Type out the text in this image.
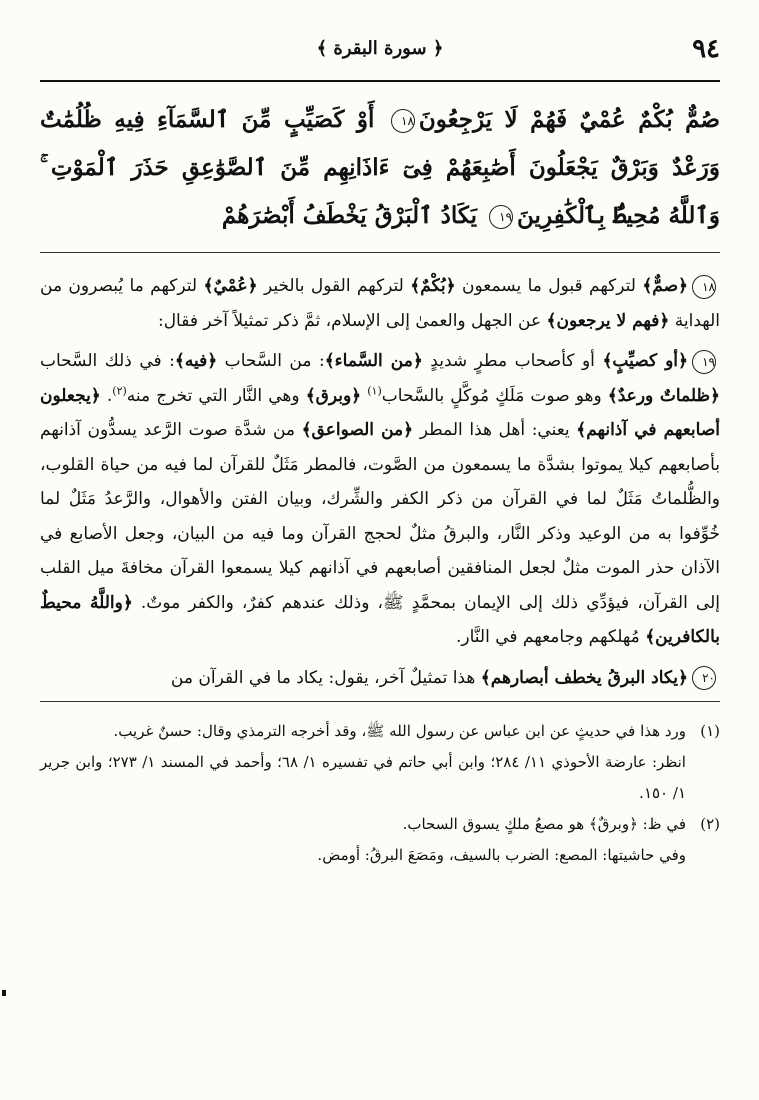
٩٤
﴿ سورة البقرة ﴾
صُمٌّ بُكْمٌ عُمْيٌ فَهُمْ لَا يَرْجِعُونَ١٨ أَوْ كَصَيِّبٍ مِّنَ ٱلسَّمَآءِ فِيهِ ظُلُمَٰتٌ وَرَعْدٌ وَبَرْقٌ يَجْعَلُونَ أَصَٰبِعَهُمْ فِىٓ ءَاذَانِهِم مِّنَ ٱلصَّوَٰعِقِ حَذَرَ ٱلْمَوْتِ ۚ وَٱللَّهُ مُحِيطٌۢ بِٱلْكَٰفِرِينَ١٩ يَكَادُ ٱلْبَرْقُ يَخْطَفُ أَبْصَٰرَهُمْ
١٨﴿صمٌّ﴾ لتركهم قبول ما يسمعون ﴿بُكْمٌ﴾ لتركهم القول بالخير ﴿عُمْيٌ﴾ لتركهم ما يُبصرون من الهداية ﴿فهم لا يرجعون﴾ عن الجهل والعمىٰ إلى الإسلام، ثمَّ ذكر تمثيلاً آخر فقال:
١٩﴿أو كصيِّبٍ﴾ أو كأصحاب مطرٍ شديدٍ ﴿من السَّماء﴾: من السَّحاب ﴿فيه﴾: في ذلك السَّحاب ﴿ظلماتٌ ورعدٌ﴾ وهو صوت مَلَكٍ مُوكَّلٍ بالسَّحاب$^{(١)}$ ﴿وبرق﴾ وهي النَّار التي تخرج منه$^{(٢)}$. ﴿يجعلون أصابعهم في آذانهم﴾ يعني: أهل هذا المطر ﴿من الصواعق﴾ من شدَّة صوت الرَّعد يسدُّون آذانهم بأصابعهم كيلا يموتوا بشدَّة ما يسمعون من الصَّوت، فالمطر مَثَلٌ للقرآن لما فيه من حياة القلوب، والظُّلماتُ مَثَلٌ لما في القرآن من ذكر الكفر والشِّرك، وبيان الفتن والأهوال، والرَّعدُ مَثَلٌ لما خُوِّفوا به من الوعيد وذكر النَّار، والبرقُ مثلٌ لحجج القرآن وما فيه من البيان، وجعل الأصابع في الآذان حذر الموت مثلٌ لجعل المنافقين أصابعهم في آذانهم كيلا يسمعوا القرآن مخافةَ ميل القلب إلى القرآن، فيؤدِّي ذلك إلى الإيمان بمحمَّدٍ ﷺ، وذلك عندهم كفرٌ، والكفر موتٌ. ﴿واللَّهُ محيطٌ بالكافرين﴾ مُهلكهم وجامعهم في النَّار.
٢٠﴿يكاد البرقُ يخطف أبصارهم﴾ هذا تمثيلٌ آخر، يقول: يكاد ما في القرآن من
(١)
ورد هذا في حديثٍ عن ابن عباس عن رسول الله ﷺ، وقد أخرجه الترمذي وقال: حسنٌ غريب.
انظر: عارضة الأحوذي ١١/ ٢٨٤؛ وابن أبي حاتم في تفسيره ١/ ٦٨؛ وأحمد في المسند ١/ ٢٧٣؛ وابن جرير ١/ ١٥٠.
(٢)
في ظ: ﴿وبرقٌ﴾ هو مصعُ ملكٍ يسوق السحاب.
وفي حاشيتها: المصع: الضرب بالسيف، ومَصَعَ البرقُ: أومض.
